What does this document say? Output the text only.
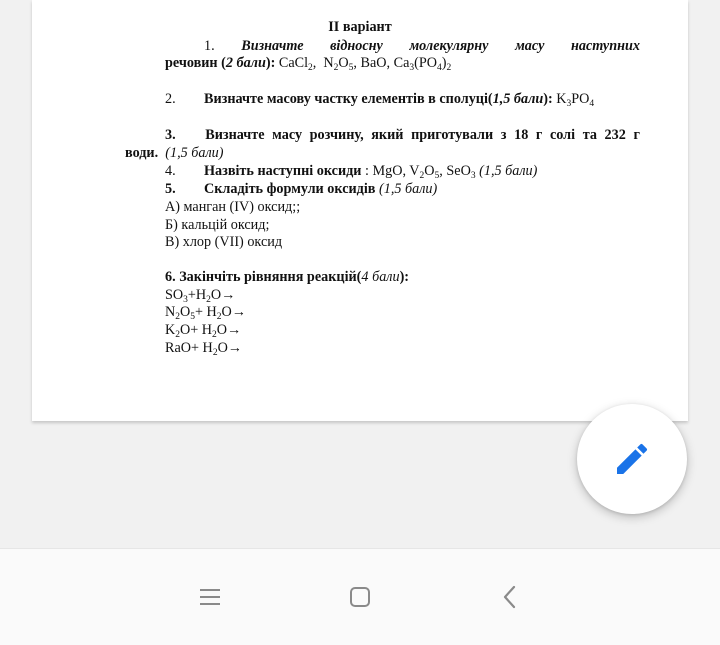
II варіант
1. Визначте відносну молекулярну масу наступних
речовин (2 бали): CaCl$_2$,  $N_2O_5$, BaO, $Ca_3(PO_4)_2$
2. Визначте масову частку елементів в сполуці(1,5 бали): $K_3PO_4$
3.	Визначте масу розчину, який приготували з 18 г солі та 232 г
води. (1,5 бали)
4. Назвіть наступні оксиди : MgO, $V_2O_5$, SeO$_3$ (1,5 бали)
5. Складіть формули оксидів (1,5 бали)
А) манган (IV) оксид;;
Б) кальцій оксид;
В) хлор (VII) оксид
6. Закінчіть рівняння реакцій(4 бали):
$SO_3+H_2O\to$
$N_2O_5+ H_2O\to$
$K_2O+ H_2O\to$
$RaO+ H_2O\to$
